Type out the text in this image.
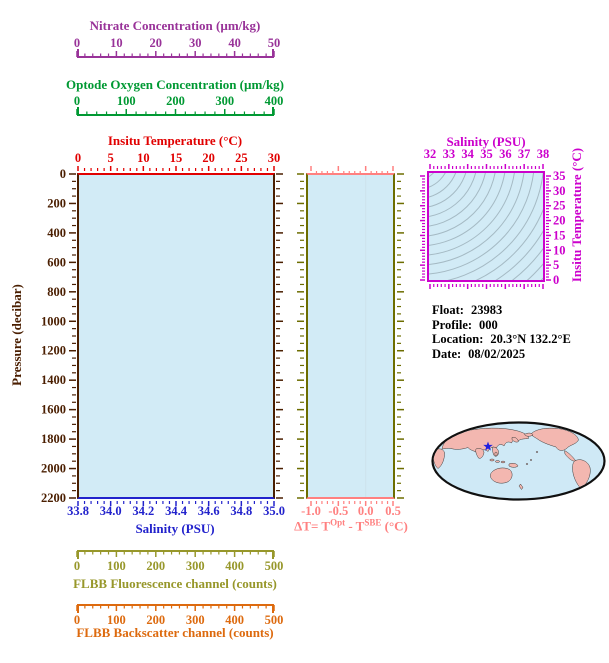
0 10 20 30 40 50
0	100 200 300 400
0 100 200 300 400 500
0 100 200 300 400 500
0 5 10 15 20 25 30
33.8 34.0 34.2 34.4 34.6 34.8 35.0
0
200
400
600
800
1000
1200
1400
1600
1800
2000
2200
-1.0 -0.5 0.0 0.5
32 33 34 35 36 37 38
0
5
10
15
20
25
30
35
Nitrate Concentration (µm/kg)
Optode Oxygen Concentration (µm/kg)
Insitu Temperature (°C)
Pressure (decibar)
Salinity (PSU)	$\Delta T= T^{Opt} - T^{SBE}$ (°C)
FLBB Fluorescence channel (counts)
FLBB Backscatter channel (counts)
Salinity (PSU)
Insitu Temperature (°C)
Float: 23983
Profile: 000
Location: 20.3°N 132.2°E
Date: 08/02/2025
